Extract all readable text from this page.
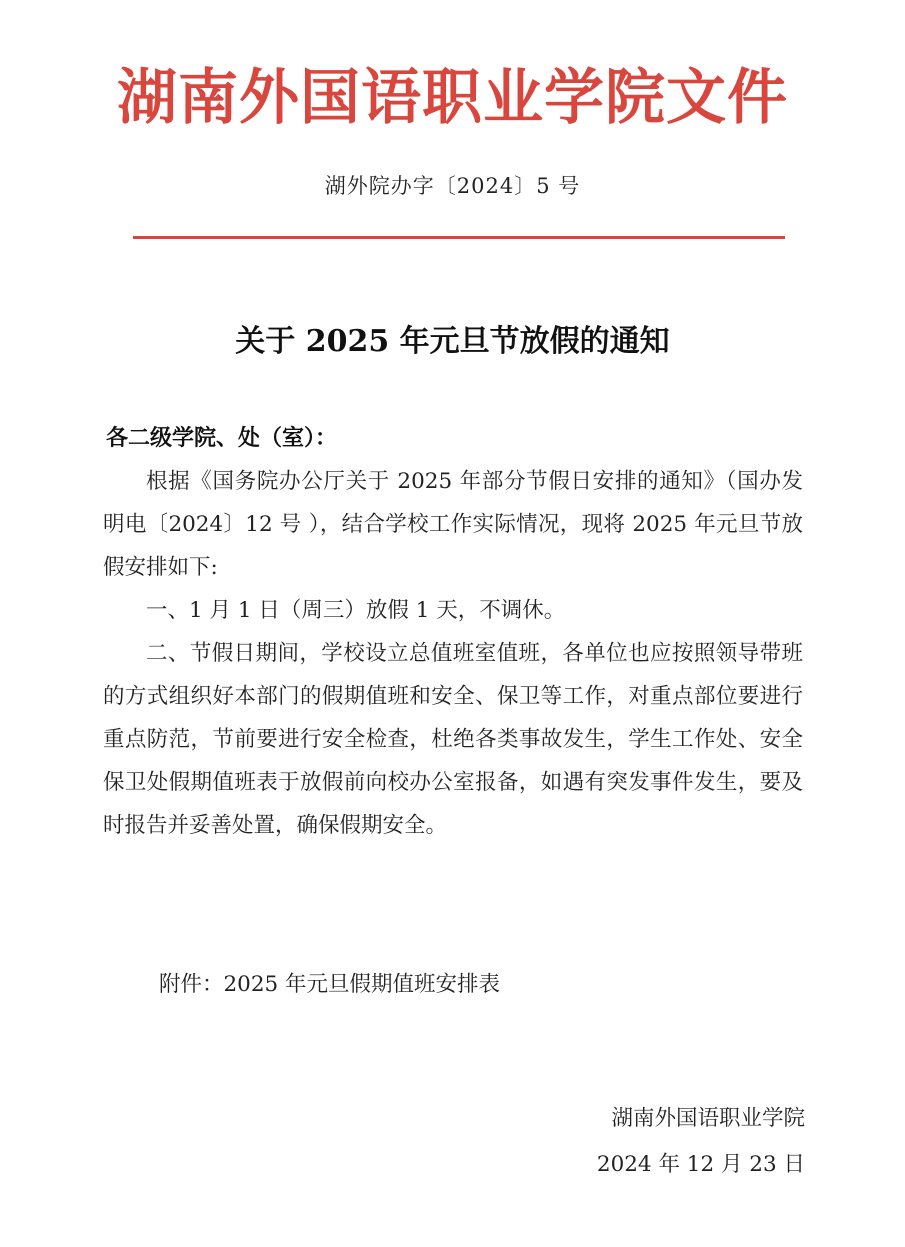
湖南外国语职业学院文件
湖外院办字〔2024〕5 号
关于 2025 年元旦节放假的通知
各二级学院、处（室）：

根据《国务院办公厅关于 2025 年部分节假日安排的通知》（国办发明电〔2024〕12 号 ），结合学校工作实际情况，现将 2025 年元旦节放假安排如下:

一、1 月 1 日（周三）放假 1 天，不调休。

二、节假日期间，学校设立总值班室值班，各单位也应按照领导带班的方式组织好本部门的假期值班和安全、保卫等工作，对重点部位要进行重点防范，节前要进行安全检查，杜绝各类事故发生，学生工作处、安全保卫处假期值班表于放假前向校办公室报备，如遇有突发事件发生，要及时报告并妥善处置，确保假期安全。

附件：2025 年元旦假期值班安排表
湖南外国语职业学院
2024 年 12 月 23 日
